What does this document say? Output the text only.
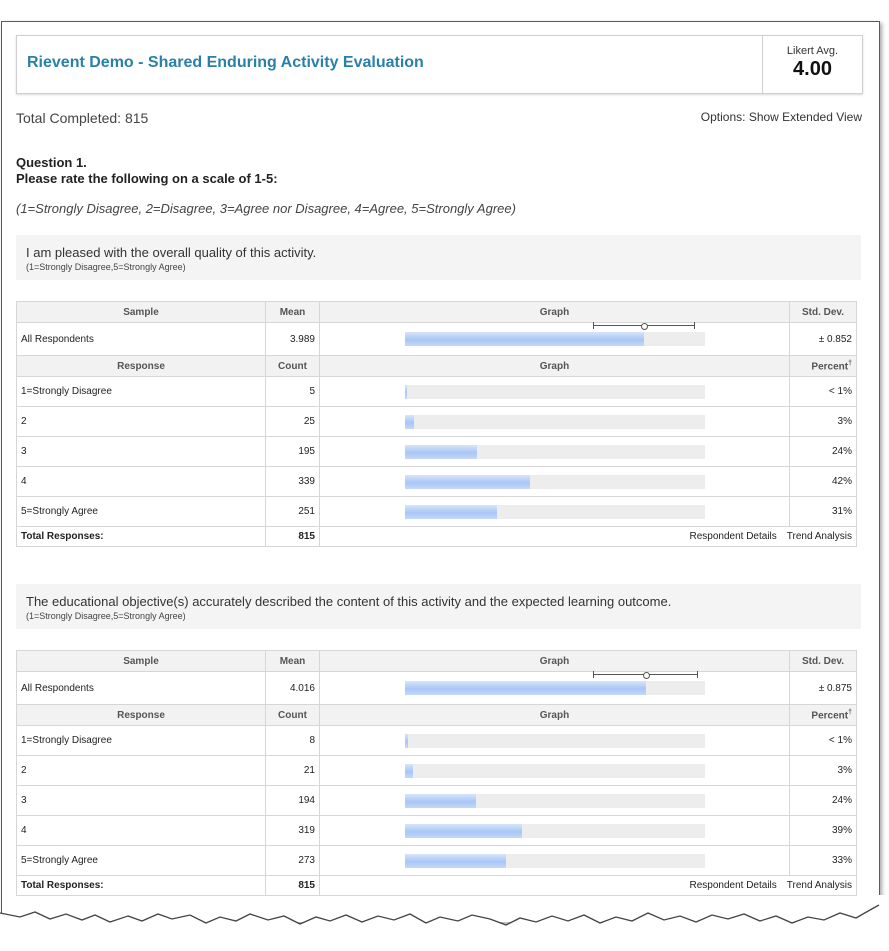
Rievent Demo - Shared Enduring Activity Evaluation
Likert Avg.
4.00
Total Completed: 815	Options: Show Extended View
Question 1.
Please rate the following on a scale of 1-5:
(1=Strongly Disagree, 2=Disagree, 3=Agree nor Disagree, 4=Agree, 5=Strongly Agree)
I am pleased with the overall quality of this activity.
(1=Strongly Disagree,5=Strongly Agree)
Sample	Mean	Graph	Std. Dev.
All Respondents	3.989		± 0.852
Response	Count	Graph	Percent†
1=Strongly Disagree	5		< 1%
2	25		3%
3	195		24%
4	339		42%
5=Strongly Agree	251		31%
Total Responses:	815	Respondent Details Trend Analysis	
The educational objective(s) accurately described the content of this activity and the expected learning outcome.
(1=Strongly Disagree,5=Strongly Agree)
Sample	Mean	Graph	Std. Dev.
All Respondents	4.016		± 0.875
Response	Count	Graph	Percent†
1=Strongly Disagree	8		< 1%
2	21		3%
3	194		24%
4	319		39%
5=Strongly Agree	273		33%
Total Responses:	815	Respondent Details Trend Analysis	
